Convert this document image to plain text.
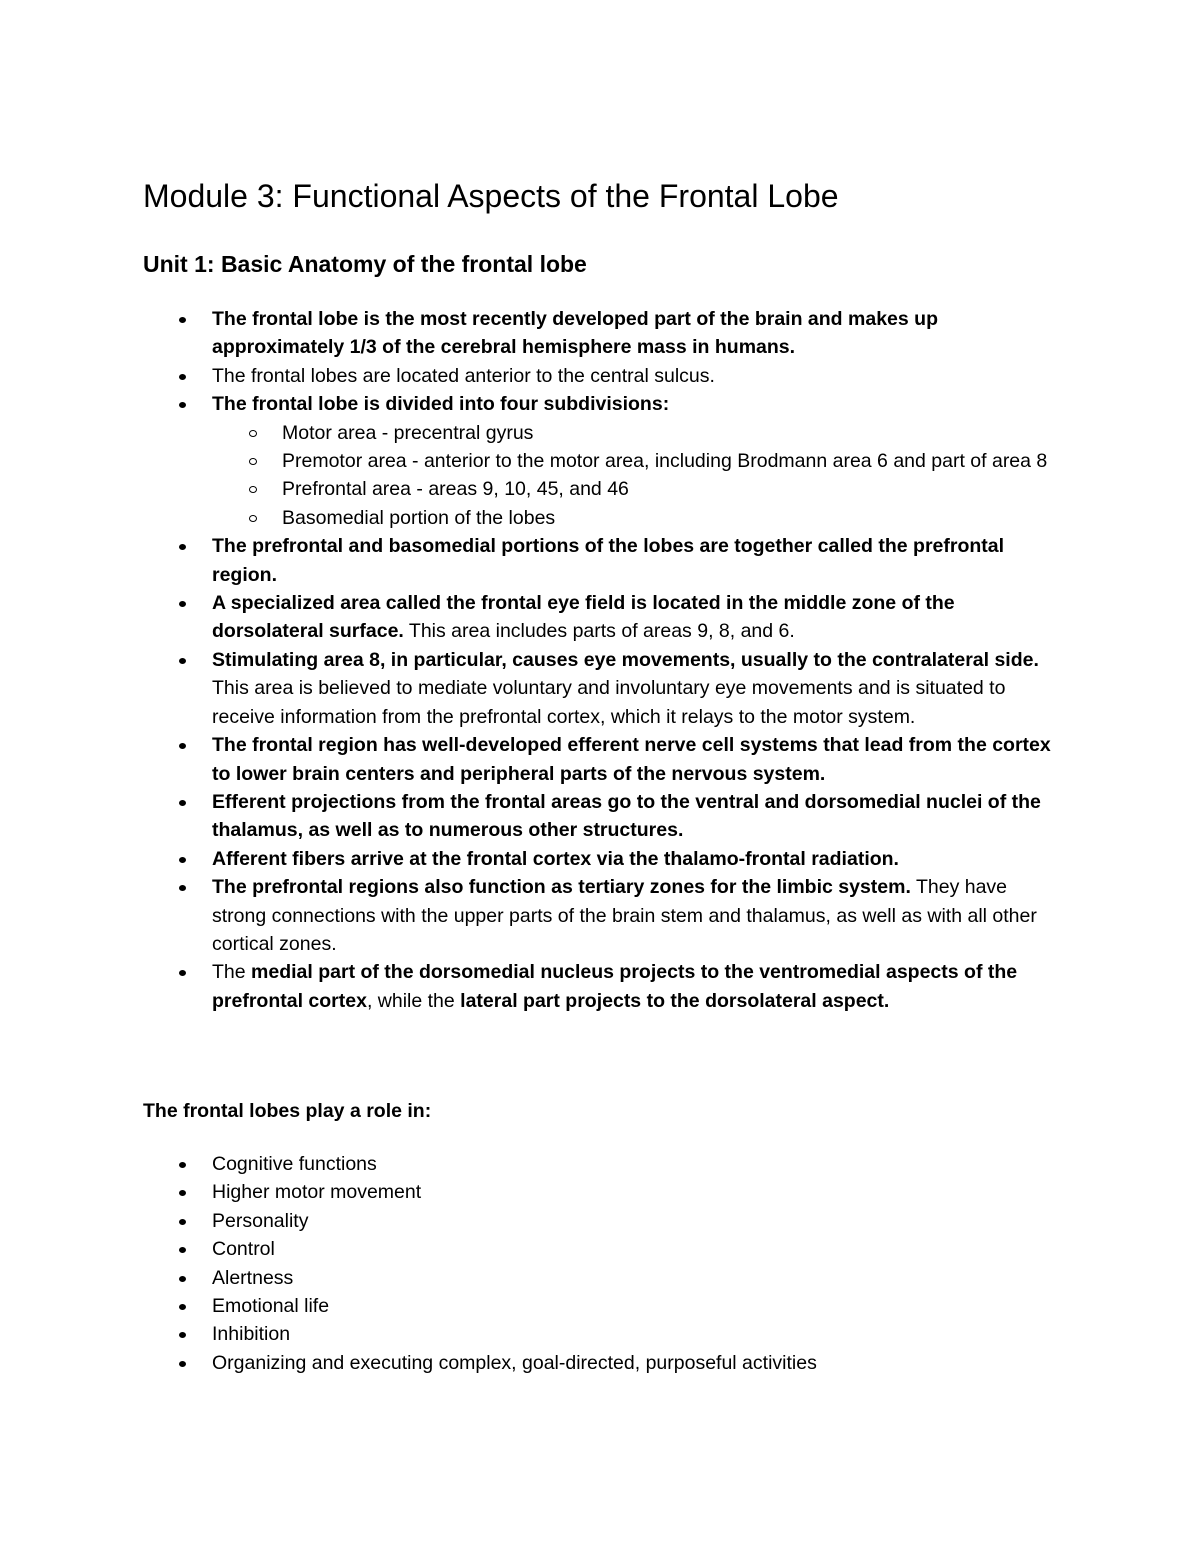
Module 3: Functional Aspects of the Frontal Lobe
Unit 1: Basic Anatomy of the frontal lobe
The frontal lobe is the most recently developed part of the brain and makes up approximately 1/3 of the cerebral hemisphere mass in humans.
The frontal lobes are located anterior to the central sulcus.
The frontal lobe is divided into four subdivisions:
Motor area - precentral gyrus
Premotor area - anterior to the motor area, including Brodmann area 6 and part of area 8
Prefrontal area - areas 9, 10, 45, and 46
Basomedial portion of the lobes
The prefrontal and basomedial portions of the lobes are together called the prefrontal region.
A specialized area called the frontal eye field is located in the middle zone of the dorsolateral surface. This area includes parts of areas 9, 8, and 6.
Stimulating area 8, in particular, causes eye movements, usually to the contralateral side. This area is believed to mediate voluntary and involuntary eye movements and is situated to receive information from the prefrontal cortex, which it relays to the motor system.
The frontal region has well-developed efferent nerve cell systems that lead from the cortex to lower brain centers and peripheral parts of the nervous system.
Efferent projections from the frontal areas go to the ventral and dorsomedial nuclei of the thalamus, as well as to numerous other structures.
Afferent fibers arrive at the frontal cortex via the thalamo-frontal radiation.
The prefrontal regions also function as tertiary zones for the limbic system. They have strong connections with the upper parts of the brain stem and thalamus, as well as with all other cortical zones.
The medial part of the dorsomedial nucleus projects to the ventromedial aspects of the prefrontal cortex, while the lateral part projects to the dorsolateral aspect.

The frontal lobes play a role in:

Cognitive functions
Higher motor movement
Personality
Control
Alertness
Emotional life
Inhibition
Organizing and executing complex, goal-directed, purposeful activities
